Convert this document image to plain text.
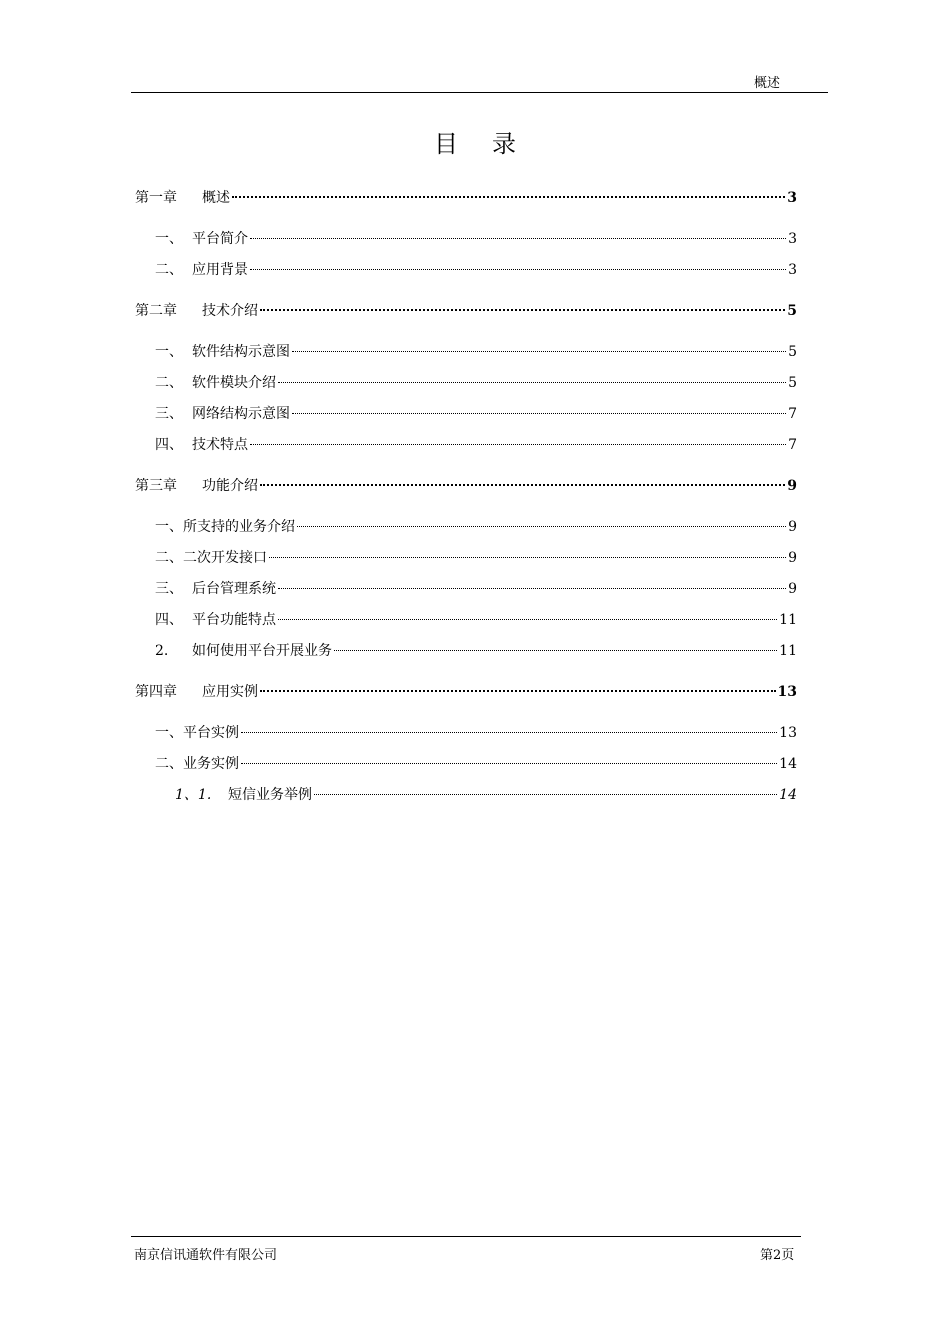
概述
目录
第一章	概述	3
一、 平台简介	3
二、 应用背景	3
第二章	技术介绍	5
一、 软件结构示意图	5
二、 软件模块介绍	5
三、 网络结构示意图	7
四、 技术特点	7
第三章	功能介绍	9
一、所支持的业务介绍	9
二、二次开发接口	9
三、 后台管理系统	9
四、 平台功能特点	11
2.	如何使用平台开展业务	11
第四章	应用实例	13
一、平台实例	13
二、业务实例	14
1、1.	短信业务举例	14
南京信讯通软件有限公司	第2页
